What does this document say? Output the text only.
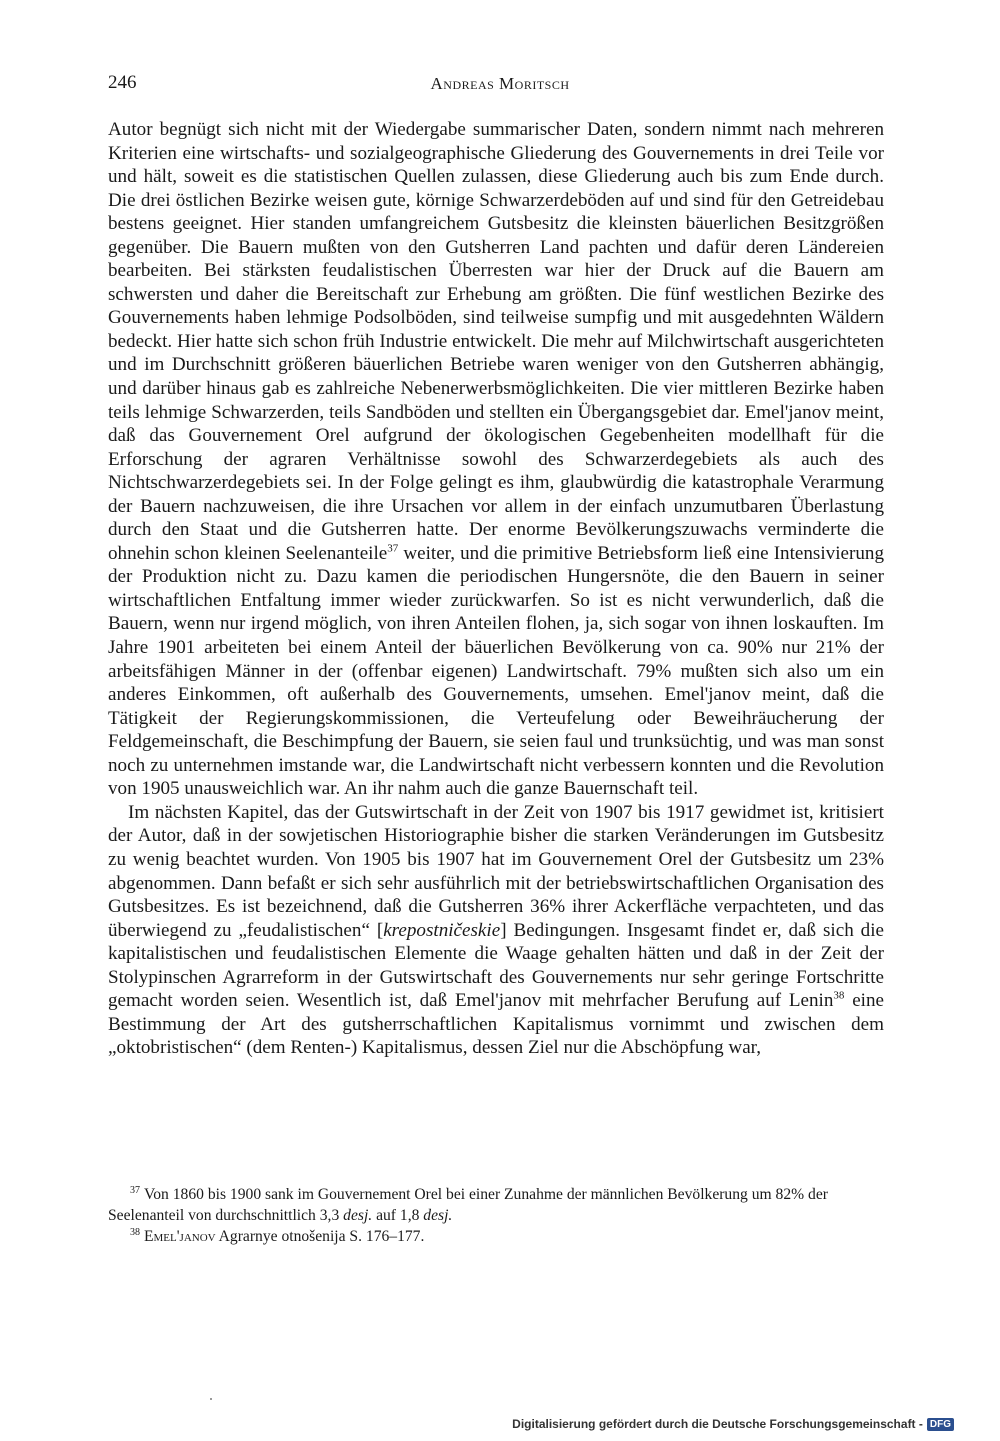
246	Andreas Moritsch

Autor begnügt sich nicht mit der Wiedergabe summarischer Daten, sondern nimmt nach mehreren Kriterien eine wirtschafts- und sozialgeographische Gliederung des Gouvernements in drei Teile vor und hält, soweit es die statistischen Quellen zulassen, diese Gliederung auch bis zum Ende durch. Die drei östlichen Bezirke weisen gute, körnige Schwarzerdeböden auf und sind für den Getreidebau bestens geeignet. Hier standen umfangreichem Gutsbesitz die kleinsten bäuerlichen Besitzgrößen gegenüber. Die Bauern mußten von den Gutsherren Land pachten und dafür deren Ländereien bearbeiten. Bei stärksten feudalistischen Überresten war hier der Druck auf die Bauern am schwersten und daher die Bereitschaft zur Erhebung am größten. Die fünf westlichen Bezirke des Gouvernements haben lehmige Podsolböden, sind teilweise sumpfig und mit ausgedehnten Wäldern bedeckt. Hier hatte sich schon früh Industrie entwickelt. Die mehr auf Milchwirtschaft ausgerichteten und im Durchschnitt größeren bäuerlichen Betriebe waren weniger von den Gutsherren abhängig, und darüber hinaus gab es zahlreiche Nebenerwerbsmöglichkeiten. Die vier mittleren Bezirke haben teils lehmige Schwarzerden, teils Sandböden und stellten ein Übergangsgebiet dar. Emel'janov meint, daß das Gouvernement Orel aufgrund der ökologischen Gegebenheiten modellhaft für die Erforschung der agraren Verhältnisse sowohl des Schwarzerdegebiets als auch des Nichtschwarzerdegebiets sei. In der Folge gelingt es ihm, glaubwürdig die katastrophale Verarmung der Bauern nachzuweisen, die ihre Ursachen vor allem in der einfach unzumutbaren Überlastung durch den Staat und die Gutsherren hatte. Der enorme Bevölkerungszuwachs verminderte die ohnehin schon kleinen Seelenanteile$^{37}$ weiter, und die primitive Betriebsform ließ eine Intensivierung der Produktion nicht zu. Dazu kamen die periodischen Hungersnöte, die den Bauern in seiner wirtschaftlichen Entfaltung immer wieder zurückwarfen. So ist es nicht verwunderlich, daß die Bauern, wenn nur irgend möglich, von ihren Anteilen flohen, ja, sich sogar von ihnen loskauften. Im Jahre 1901 arbeiteten bei einem Anteil der bäuerlichen Bevölkerung von ca. 90% nur 21% der arbeitsfähigen Männer in der (offenbar eigenen) Landwirtschaft. 79% mußten sich also um ein anderes Einkommen, oft außerhalb des Gouvernements, umsehen. Emel'janov meint, daß die Tätigkeit der Regierungskommissionen, die Verteufelung oder Beweihräucherung der Feldgemeinschaft, die Beschimpfung der Bauern, sie seien faul und trunksüchtig, und was man sonst noch zu unternehmen imstande war, die Landwirtschaft nicht verbessern konnten und die Revolution von 1905 unausweichlich war. An ihr nahm auch die ganze Bauernschaft teil.

Im nächsten Kapitel, das der Gutswirtschaft in der Zeit von 1907 bis 1917 gewidmet ist, kritisiert der Autor, daß in der sowjetischen Historiographie bisher die starken Veränderungen im Gutsbesitz zu wenig beachtet wurden. Von 1905 bis 1907 hat im Gouvernement Orel der Gutsbesitz um 23% abgenommen. Dann befaßt er sich sehr ausführlich mit der betriebswirtschaftlichen Organisation des Gutsbesitzes. Es ist bezeichnend, daß die Gutsherren 36% ihrer Ackerfläche verpachteten, und das überwiegend zu „feudalistischen“ [krepostničeskie] Bedingungen. Insgesamt findet er, daß sich die kapitalistischen und feudalistischen Elemente die Waage gehalten hätten und daß in der Zeit der Stolypinschen Agrarreform in der Gutswirtschaft des Gouvernements nur sehr geringe Fortschritte gemacht worden seien. Wesentlich ist, daß Emel'janov mit mehrfacher Berufung auf Lenin$^{38}$ eine Bestimmung der Art des gutsherrschaftlichen Kapitalismus vornimmt und zwischen dem „oktobristischen“ (dem Renten-) Kapitalismus, dessen Ziel nur die Abschöpfung war,

$^{37}$ Von 1860 bis 1900 sank im Gouvernement Orel bei einer Zunahme der männlichen Bevölkerung um 82% der Seelenanteil von durchschnittlich 3,3 desj. auf 1,8 desj.

$^{38}$ Emel'janov Agrarnye otnošenija S. 176–177.

Digitalisierung gefördert durch die Deutsche Forschungsgemeinschaft - DFG
